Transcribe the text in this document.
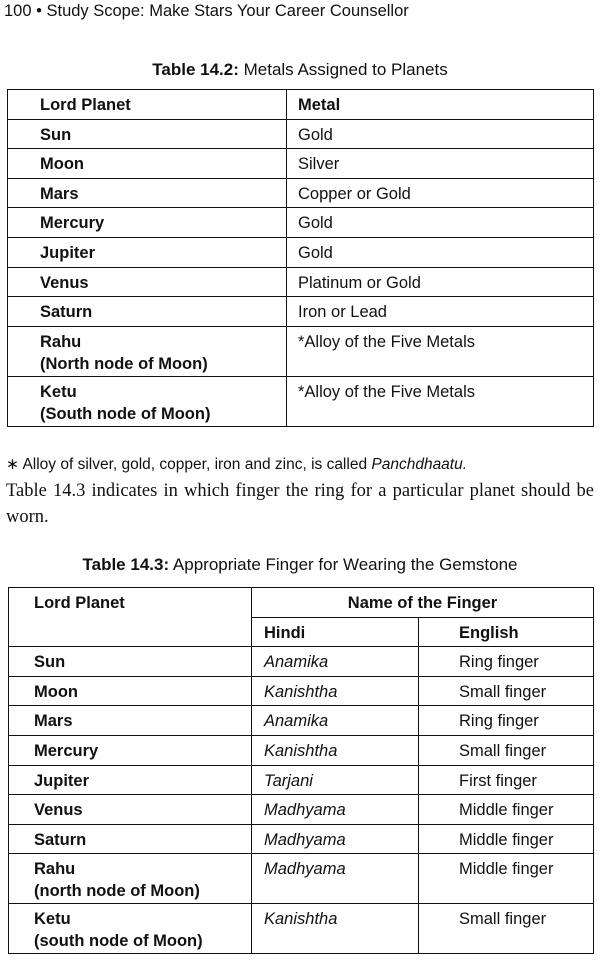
100 • Study Scope: Make Stars Your Career Counsellor
Table 14.2: Metals Assigned to Planets
Lord Planet	Metal
Sun	Gold
Moon	Silver
Mars	Copper or Gold
Mercury	Gold
Jupiter	Gold
Venus	Platinum or Gold
Saturn	Iron or Lead
Rahu
(North node of Moon)	*Alloy of the Five Metals
Ketu
(South node of Moon)	*Alloy of the Five Metals
∗ Alloy of silver, gold, copper, iron and zinc, is called Panchdhaatu.
Table 14.3 indicates in which finger the ring for a particular planet should be worn.
Table 14.3: Appropriate Finger for Wearing the Gemstone
Lord Planet	Name of the Finger	
	Hindi	English
Sun	Anamika	Ring finger
Moon	Kanishtha	Small finger
Mars	Anamika	Ring finger
Mercury	Kanishtha	Small finger
Jupiter	Tarjani	First finger
Venus	Madhyama	Middle finger
Saturn	Madhyama	Middle finger
Rahu
(north node of Moon)	Madhyama	Middle finger
Ketu
(south node of Moon)	Kanishtha	Small finger
